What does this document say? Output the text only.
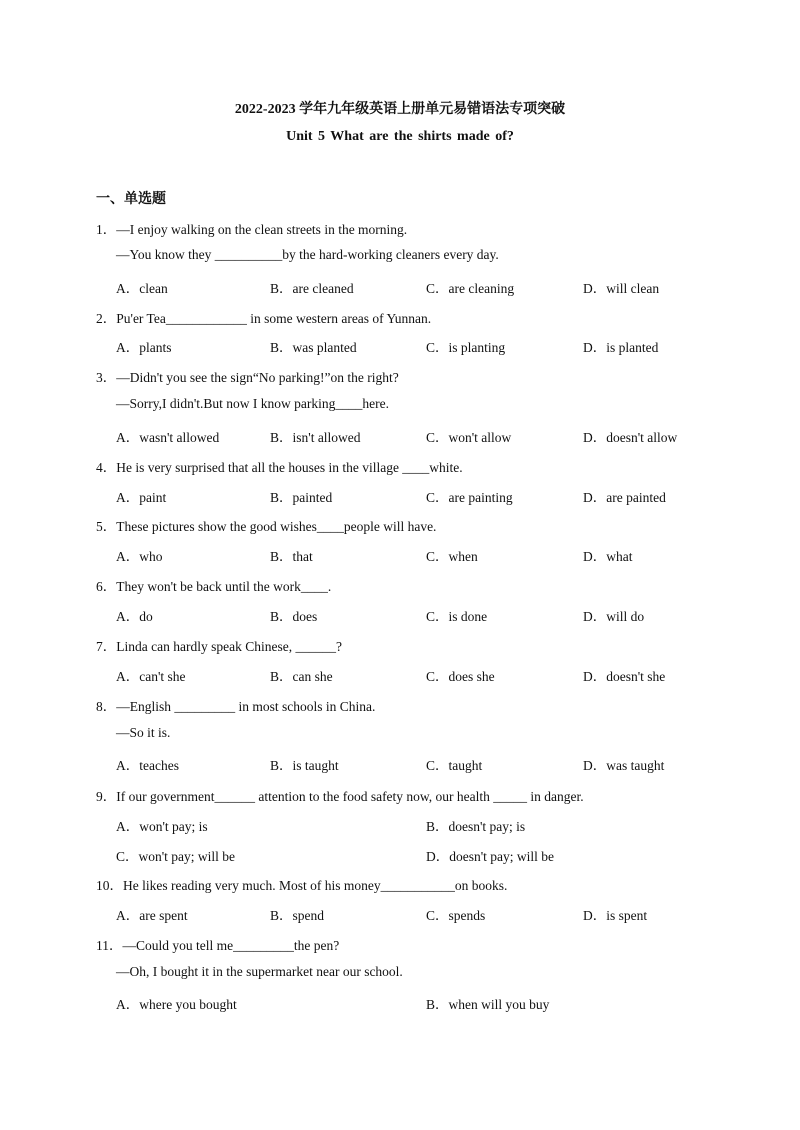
2022-2023 学年九年级英语上册单元易错语法专项突破
Unit 5 What are the shirts made of?
一、单选题
1．—I enjoy walking on the clean streets in the morning.
—You know they __________by the hard-working cleaners every day.
A．clean	B．are cleaned	C．are cleaning	D．will clean
2．Pu'er Tea____________ in some western areas of Yunnan.
A．plants	B．was planted	C．is planting	D．is planted
3．—Didn't you see the sign“No parking!”on the right?
—Sorry,I didn't.But now I know parking____here.
A．wasn't allowed	B．isn't allowed	C．won't allow	D．doesn't allow
4．He is very surprised that all the houses in the village ____white.
A．paint	B．painted	C．are painting	D．are painted
5．These pictures show the good wishes____people will have.
A．who	B．that	C．when	D．what
6．They won't be back until the work____.
A．do	B．does	C．is done	D．will do
7．Linda can hardly speak Chinese, ______?
A．can't she	B．can she	C．does she	D．doesn't she
8．—English _________ in most schools in China.
—So it is.
A．teaches	B．is taught	C．taught	D．was taught
9．If our government______ attention to the food safety now, our health _____ in danger.
A．won't pay; is	B．doesn't pay; is
C．won't pay; will be	D．doesn't pay; will be
10．He likes reading very much. Most of his money___________on books.
A．are spent	B．spend	C．spends	D．is spent
11．—Could you tell me_________the pen?
—Oh, I bought it in the supermarket near our school.
A．where you bought	B．when will you buy
